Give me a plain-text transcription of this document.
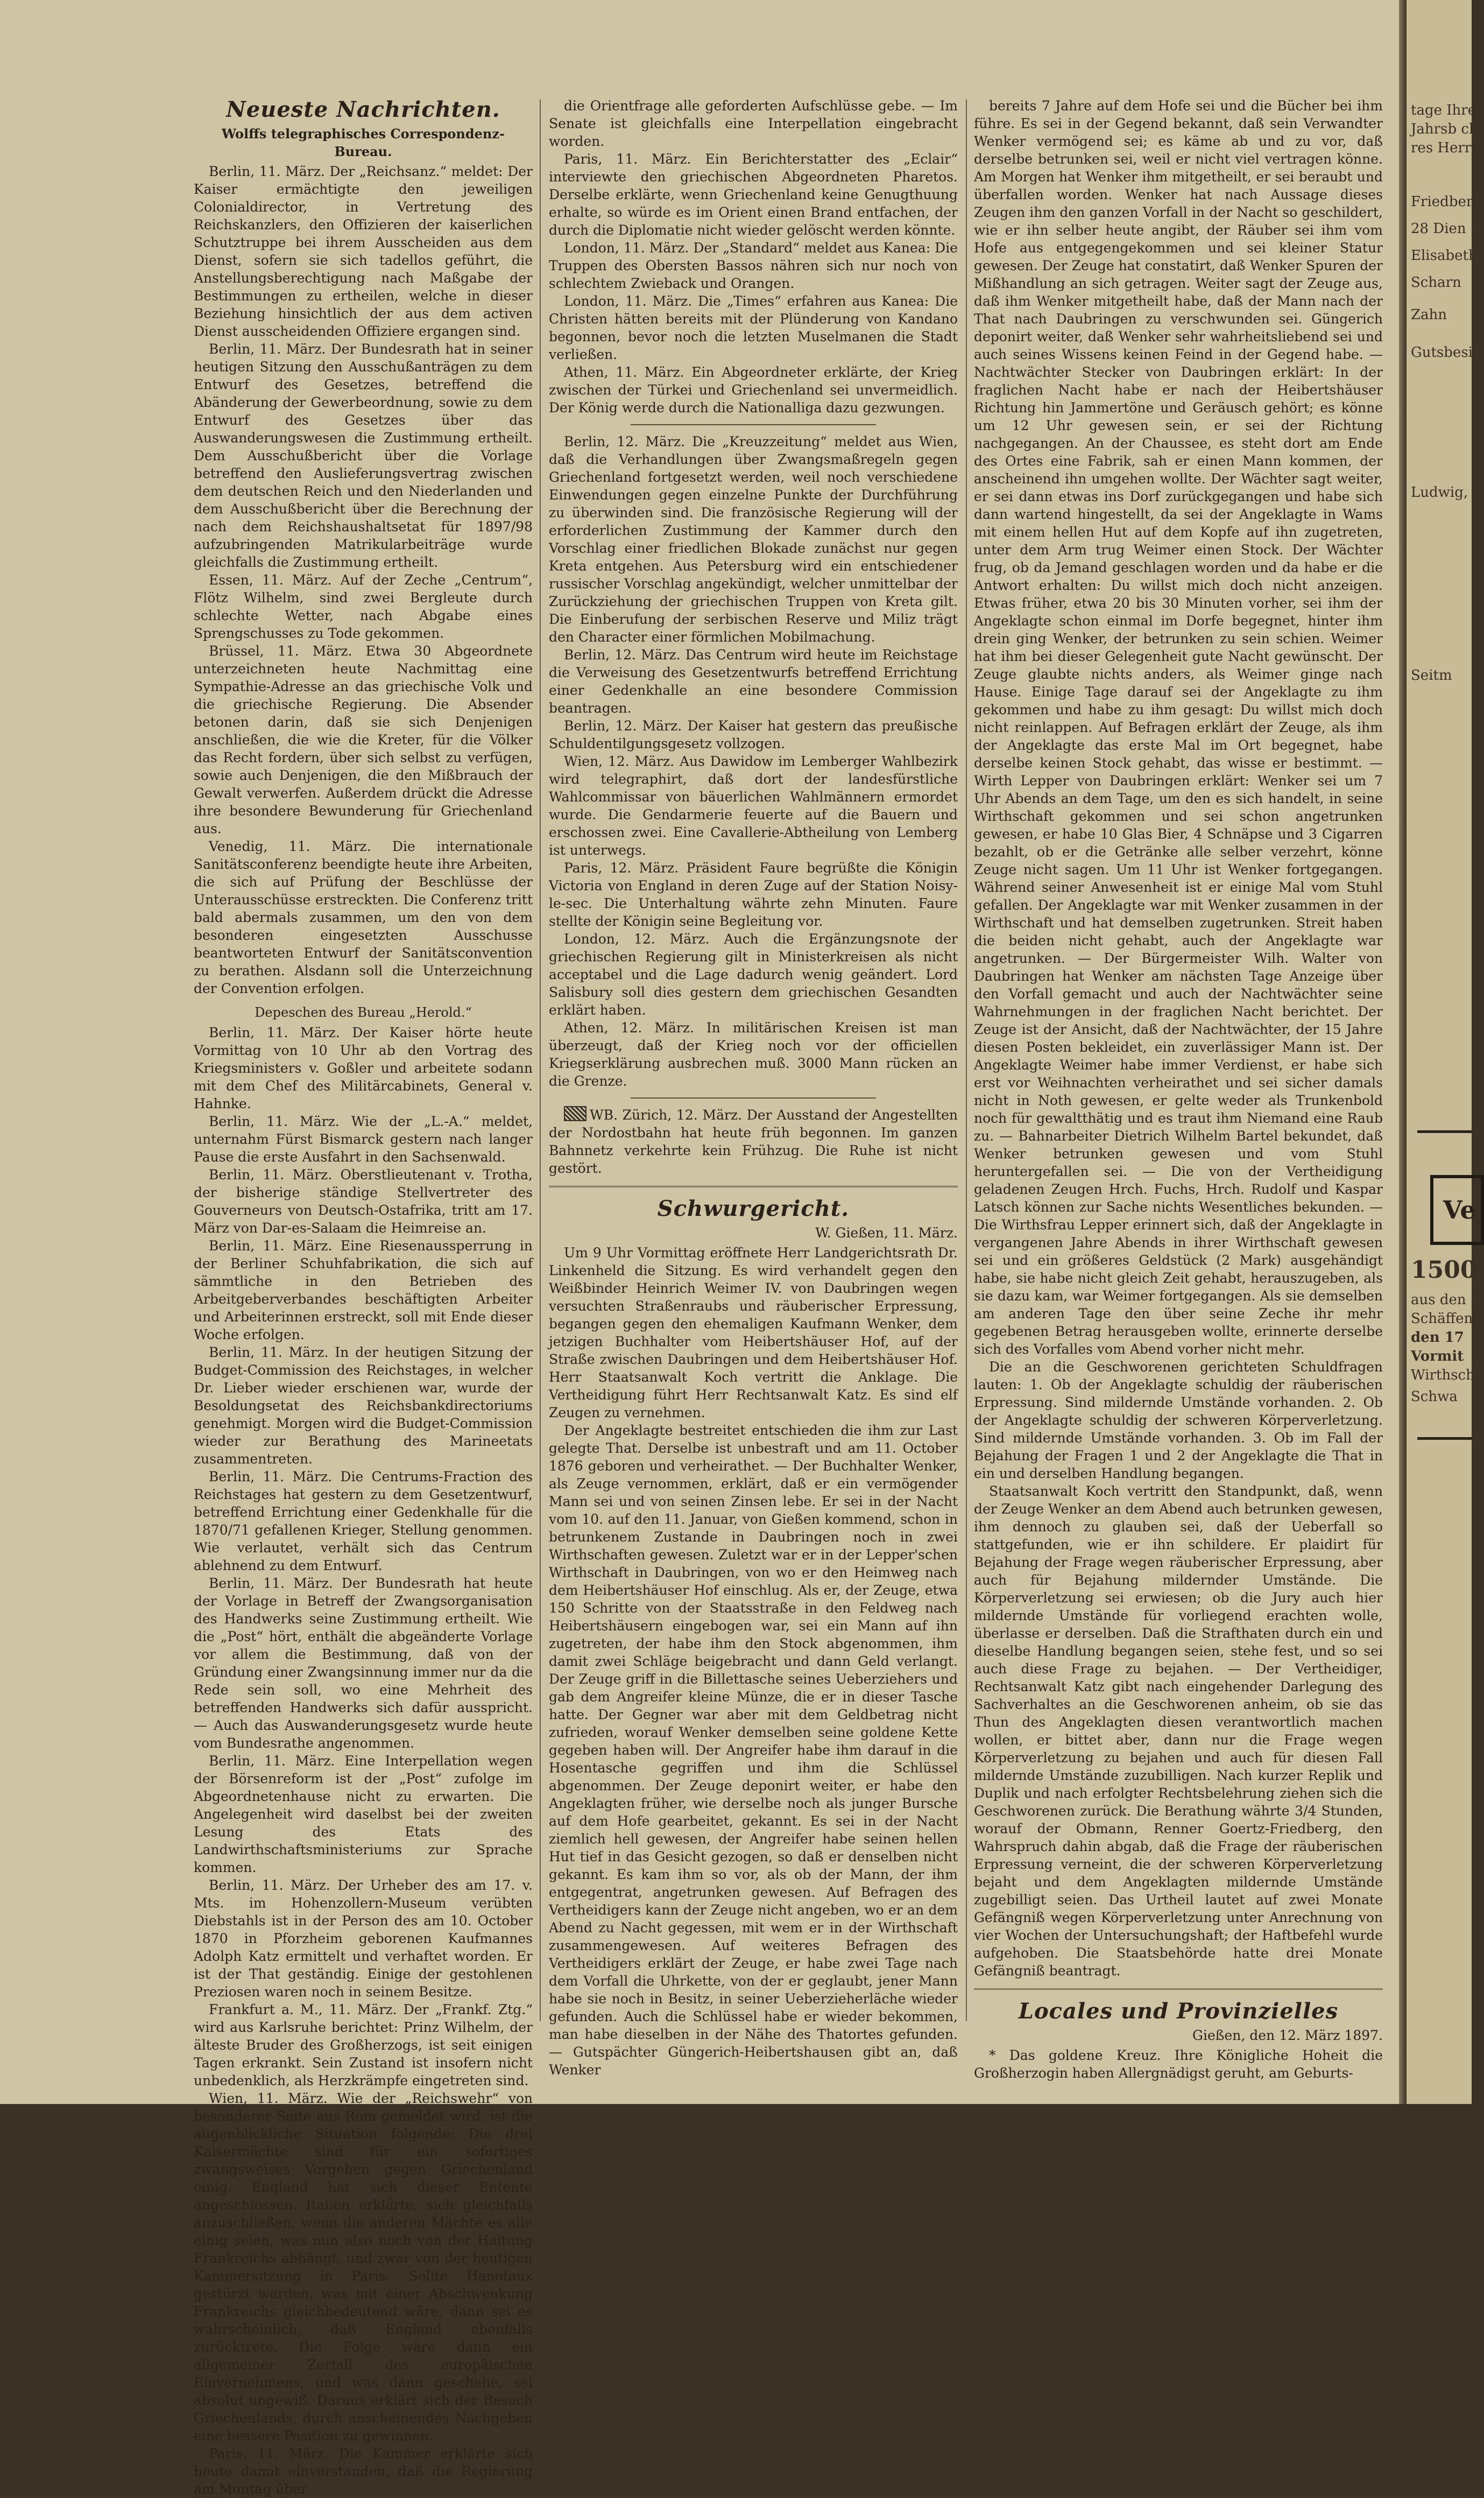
Neueste Nachrichten.
Wolffs telegraphisches Correspondenz-Bureau.

Berlin, 11. März. Der „Reichsanz.“ meldet: Der Kaiser ermächtigte den jeweiligen Colonialdirector, in Vertretung des Reichskanzlers, den Offizieren der kaiserlichen Schutztruppe bei ihrem Ausscheiden aus dem Dienst, sofern sie sich tadellos geführt, die Anstellungsberechtigung nach Maßgabe der Bestimmungen zu ertheilen, welche in dieser Beziehung hinsichtlich der aus dem activen Dienst ausscheidenden Offiziere ergangen sind.

Berlin, 11. März. Der Bundesrath hat in seiner heutigen Sitzung den Ausschußanträgen zu dem Entwurf des Gesetzes, betreffend die Abänderung der Gewerbeordnung, sowie zu dem Entwurf des Gesetzes über das Auswanderungswesen die Zustimmung ertheilt. Dem Ausschußbericht über die Vorlage betreffend den Auslieferungsvertrag zwischen dem deutschen Reich und den Niederlanden und dem Ausschußbericht über die Berechnung der nach dem Reichshaushaltsetat für 1897/98 aufzubringenden Matrikularbeiträge wurde gleichfalls die Zustimmung ertheilt.

Essen, 11. März. Auf der Zeche „Centrum“, Flötz Wilhelm, sind zwei Bergleute durch schlechte Wetter, nach Abgabe eines Sprengschusses zu Tode gekommen.

Brüssel, 11. März. Etwa 30 Abgeordnete unterzeichneten heute Nachmittag eine Sympathie-Adresse an das griechische Volk und die griechische Regierung. Die Absender betonen darin, daß sie sich Denjenigen anschließen, die wie die Kreter, für die Völker das Recht fordern, über sich selbst zu verfügen, sowie auch Denjenigen, die den Mißbrauch der Gewalt verwerfen. Außerdem drückt die Adresse ihre besondere Bewunderung für Griechenland aus.

Venedig, 11. März. Die internationale Sanitätsconferenz beendigte heute ihre Arbeiten, die sich auf Prüfung der Beschlüsse der Unterausschüsse erstreckten. Die Conferenz tritt bald abermals zusammen, um den von dem besonderen eingesetzten Ausschusse beantworteten Entwurf der Sanitätsconvention zu berathen. Alsdann soll die Unterzeichnung der Convention erfolgen.

Depeschen des Bureau „Herold.“

Berlin, 11. März. Der Kaiser hörte heute Vormittag von 10 Uhr ab den Vortrag des Kriegsministers v. Goßler und arbeitete sodann mit dem Chef des Militärcabinets, General v. Hahnke.

Berlin, 11. März. Wie der „L.-A.“ meldet, unternahm Fürst Bismarck gestern nach langer Pause die erste Ausfahrt in den Sachsenwald.

Berlin, 11. März. Oberstlieutenant v. Trotha, der bisherige ständige Stellvertreter des Gouverneurs von Deutsch-Ostafrika, tritt am 17. März von Dar-es-Salaam die Heimreise an.

Berlin, 11. März. Eine Riesenaussperrung in der Berliner Schuhfabrikation, die sich auf sämmtliche in den Betrieben des Arbeitgeberverbandes beschäftigten Arbeiter und Arbeiterinnen erstreckt, soll mit Ende dieser Woche erfolgen.

Berlin, 11. März. In der heutigen Sitzung der Budget-Commission des Reichstages, in welcher Dr. Lieber wieder erschienen war, wurde der Besoldungsetat des Reichsbankdirectoriums genehmigt. Morgen wird die Budget-Commission wieder zur Berathung des Marineetats zusammentreten.

Berlin, 11. März. Die Centrums-Fraction des Reichstages hat gestern zu dem Gesetzentwurf, betreffend Errichtung einer Gedenkhalle für die 1870/71 gefallenen Krieger, Stellung genommen. Wie verlautet, verhält sich das Centrum ablehnend zu dem Entwurf.

Berlin, 11. März. Der Bundesrath hat heute der Vorlage in Betreff der Zwangsorganisation des Handwerks seine Zustimmung ertheilt. Wie die „Post“ hört, enthält die abgeänderte Vorlage vor allem die Bestimmung, daß von der Gründung einer Zwangsinnung immer nur da die Rede sein soll, wo eine Mehrheit des betreffenden Handwerks sich dafür ausspricht. — Auch das Auswanderungsgesetz wurde heute vom Bundesrathe angenommen.

Berlin, 11. März. Eine Interpellation wegen der Börsenreform ist der „Post“ zufolge im Abgeordnetenhause nicht zu erwarten. Die Angelegenheit wird daselbst bei der zweiten Lesung des Etats des Landwirthschaftsministeriums zur Sprache kommen.

Berlin, 11. März. Der Urheber des am 17. v. Mts. im Hohenzollern-Museum verübten Diebstahls ist in der Person des am 10. October 1870 in Pforzheim geborenen Kaufmannes Adolph Katz ermittelt und verhaftet worden. Er ist der That geständig. Einige der gestohlenen Preziosen waren noch in seinem Besitze.

Frankfurt a. M., 11. März. Der „Frankf. Ztg.“ wird aus Karlsruhe berichtet: Prinz Wilhelm, der älteste Bruder des Großherzogs, ist seit einigen Tagen erkrankt. Sein Zustand ist insofern nicht unbedenklich, als Herzkrämpfe eingetreten sind.

Wien, 11. März. Wie der „Reichswehr“ von besonderer Seite aus Rom gemeldet wird, ist die augenblickliche Situation folgende: Die drei Kaisermächte sind für ein sofortiges zwangsweises Vorgehen gegen Griechenland einig. England hat sich dieser Entente angeschlossen. Italien erklärte, sich gleichfalls anzuschließen, wenn die anderen Mächte es alle einig seien, was nun also noch von der Haltung Frankreichs abhängt, und zwar von der heutigen Kammersitzung in Paris. Sollte Hanotaux gestürzt werden, was mit einer Abschwenkung Frankreichs gleichbedeutend wäre, dann sei es wahrscheinlich, daß England ebenfalls zurücktrete. Die Folge wäre dann ein allgemeiner Zerfall des europäischen Einvernehmens, und was dann geschehe, sei absolut ungewiß. Daraus erklärt sich der Besuch Griechenlands, durch anscheinendes Nachgeben eine bessere Position zu gewinnen.

Paris, 11. März. Die Kammer erklärte sich heute damit einverstanden, daß die Regierung am Montag über

die Orientfrage alle geforderten Aufschlüsse gebe. — Im Senate ist gleichfalls eine Interpellation eingebracht worden.

Paris, 11. März. Ein Berichterstatter des „Eclair“ interviewte den griechischen Abgeordneten Pharetos. Derselbe erklärte, wenn Griechenland keine Genugthuung erhalte, so würde es im Orient einen Brand entfachen, der durch die Diplomatie nicht wieder gelöscht werden könnte.

London, 11. März. Der „Standard“ meldet aus Kanea: Die Truppen des Obersten Bassos nähren sich nur noch von schlechtem Zwieback und Orangen.

London, 11. März. Die „Times“ erfahren aus Kanea: Die Christen hätten bereits mit der Plünderung von Kandano begonnen, bevor noch die letzten Muselmanen die Stadt verließen.

Athen, 11. März. Ein Abgeordneter erklärte, der Krieg zwischen der Türkei und Griechenland sei unvermeidlich. Der König werde durch die Nationalliga dazu gezwungen.

Berlin, 12. März. Die „Kreuzzeitung“ meldet aus Wien, daß die Verhandlungen über Zwangsmaßregeln gegen Griechenland fortgesetzt werden, weil noch verschiedene Einwendungen gegen einzelne Punkte der Durchführung zu überwinden sind. Die französische Regierung will der erforderlichen Zustimmung der Kammer durch den Vorschlag einer friedlichen Blokade zunächst nur gegen Kreta entgehen. Aus Petersburg wird ein entschiedener russischer Vorschlag angekündigt, welcher unmittelbar der Zurückziehung der griechischen Truppen von Kreta gilt. Die Einberufung der serbischen Reserve und Miliz trägt den Character einer förmlichen Mobilmachung.

Berlin, 12. März. Das Centrum wird heute im Reichstage die Verweisung des Gesetzentwurfs betreffend Errichtung einer Gedenkhalle an eine besondere Commission beantragen.

Berlin, 12. März. Der Kaiser hat gestern das preußische Schuldentilgungsgesetz vollzogen.

Wien, 12. März. Aus Dawidow im Lemberger Wahlbezirk wird telegraphirt, daß dort der landesfürstliche Wahlcommissar von bäuerlichen Wahlmännern ermordet wurde. Die Gendarmerie feuerte auf die Bauern und erschossen zwei. Eine Cavallerie-Abtheilung von Lemberg ist unterwegs.

Paris, 12. März. Präsident Faure begrüßte die Königin Victoria von England in deren Zuge auf der Station Noisy-le-sec. Die Unterhaltung währte zehn Minuten. Faure stellte der Königin seine Begleitung vor.

London, 12. März. Auch die Ergänzungsnote der griechischen Regierung gilt in Ministerkreisen als nicht acceptabel und die Lage dadurch wenig geändert. Lord Salisbury soll dies gestern dem griechischen Gesandten erklärt haben.

Athen, 12. März. In militärischen Kreisen ist man überzeugt, daß der Krieg noch vor der officiellen Kriegserklärung ausbrechen muß. 3000 Mann rücken an die Grenze.

WB. Zürich, 12. März. Der Ausstand der Angestellten der Nordostbahn hat heute früh begonnen. Im ganzen Bahnnetz verkehrte kein Frühzug. Die Ruhe ist nicht gestört.

Schwurgericht.
W. Gießen, 11. März.

Um 9 Uhr Vormittag eröffnete Herr Landgerichtsrath Dr. Linkenheld die Sitzung. Es wird verhandelt gegen den Weißbinder Heinrich Weimer IV. von Daubringen wegen versuchten Straßenraubs und räuberischer Erpressung, begangen gegen den ehemaligen Kaufmann Wenker, dem jetzigen Buchhalter vom Heibertshäuser Hof, auf der Straße zwischen Daubringen und dem Heibertshäuser Hof. Herr Staatsanwalt Koch vertritt die Anklage. Die Vertheidigung führt Herr Rechtsanwalt Katz. Es sind elf Zeugen zu vernehmen.

Der Angeklagte bestreitet entschieden die ihm zur Last gelegte That. Derselbe ist unbestraft und am 11. October 1876 geboren und verheirathet. — Der Buchhalter Wenker, als Zeuge vernommen, erklärt, daß er ein vermögender Mann sei und von seinen Zinsen lebe. Er sei in der Nacht vom 10. auf den 11. Januar, von Gießen kommend, schon in betrunkenem Zustande in Daubringen noch in zwei Wirthschaften gewesen. Zuletzt war er in der Lepper'schen Wirthschaft in Daubringen, von wo er den Heimweg nach dem Heibertshäuser Hof einschlug. Als er, der Zeuge, etwa 150 Schritte von der Staatsstraße in den Feldweg nach Heibertshäusern eingebogen war, sei ein Mann auf ihn zugetreten, der habe ihm den Stock abgenommen, ihm damit zwei Schläge beigebracht und dann Geld verlangt. Der Zeuge griff in die Billettasche seines Ueberziehers und gab dem Angreifer kleine Münze, die er in dieser Tasche hatte. Der Gegner war aber mit dem Geldbetrag nicht zufrieden, worauf Wenker demselben seine goldene Kette gegeben haben will. Der Angreifer habe ihm darauf in die Hosentasche gegriffen und ihm die Schlüssel abgenommen. Der Zeuge deponirt weiter, er habe den Angeklagten früher, wie derselbe noch als junger Bursche auf dem Hofe gearbeitet, gekannt. Es sei in der Nacht ziemlich hell gewesen, der Angreifer habe seinen hellen Hut tief in das Gesicht gezogen, so daß er denselben nicht gekannt. Es kam ihm so vor, als ob der Mann, der ihm entgegentrat, angetrunken gewesen. Auf Befragen des Vertheidigers kann der Zeuge nicht angeben, wo er an dem Abend zu Nacht gegessen, mit wem er in der Wirthschaft zusammengewesen. Auf weiteres Befragen des Vertheidigers erklärt der Zeuge, er habe zwei Tage nach dem Vorfall die Uhrkette, von der er geglaubt, jener Mann habe sie noch in Besitz, in seiner Ueberzieherläche wieder gefunden. Auch die Schlüssel habe er wieder bekommen, man habe dieselben in der Nähe des Thatortes gefunden. — Gutspächter Güngerich-Heibertshausen gibt an, daß Wenker

bereits 7 Jahre auf dem Hofe sei und die Bücher bei ihm führe. Es sei in der Gegend bekannt, daß sein Verwandter Wenker vermögend sei; es käme ab und zu vor, daß derselbe betrunken sei, weil er nicht viel vertragen könne. Am Morgen hat Wenker ihm mitgetheilt, er sei beraubt und überfallen worden. Wenker hat nach Aussage dieses Zeugen ihm den ganzen Vorfall in der Nacht so geschildert, wie er ihn selber heute angibt, der Räuber sei ihm vom Hofe aus entgegengekommen und sei kleiner Statur gewesen. Der Zeuge hat constatirt, daß Wenker Spuren der Mißhandlung an sich getragen. Weiter sagt der Zeuge aus, daß ihm Wenker mitgetheilt habe, daß der Mann nach der That nach Daubringen zu verschwunden sei. Güngerich deponirt weiter, daß Wenker sehr wahrheitsliebend sei und auch seines Wissens keinen Feind in der Gegend habe. — Nachtwächter Stecker von Daubringen erklärt: In der fraglichen Nacht habe er nach der Heibertshäuser Richtung hin Jammertöne und Geräusch gehört; es könne um 12 Uhr gewesen sein, er sei der Richtung nachgegangen. An der Chaussee, es steht dort am Ende des Ortes eine Fabrik, sah er einen Mann kommen, der anscheinend ihn umgehen wollte. Der Wächter sagt weiter, er sei dann etwas ins Dorf zurückgegangen und habe sich dann wartend hingestellt, da sei der Angeklagte in Wams mit einem hellen Hut auf dem Kopfe auf ihn zugetreten, unter dem Arm trug Weimer einen Stock. Der Wächter frug, ob da Jemand geschlagen worden und da habe er die Antwort erhalten: Du willst mich doch nicht anzeigen. Etwas früher, etwa 20 bis 30 Minuten vorher, sei ihm der Angeklagte schon einmal im Dorfe begegnet, hinter ihm drein ging Wenker, der betrunken zu sein schien. Weimer hat ihm bei dieser Gelegenheit gute Nacht gewünscht. Der Zeuge glaubte nichts anders, als Weimer ginge nach Hause. Einige Tage darauf sei der Angeklagte zu ihm gekommen und habe zu ihm gesagt: Du willst mich doch nicht reinlappen. Auf Befragen erklärt der Zeuge, als ihm der Angeklagte das erste Mal im Ort begegnet, habe derselbe keinen Stock gehabt, das wisse er bestimmt. — Wirth Lepper von Daubringen erklärt: Wenker sei um 7 Uhr Abends an dem Tage, um den es sich handelt, in seine Wirthschaft gekommen und sei schon angetrunken gewesen, er habe 10 Glas Bier, 4 Schnäpse und 3 Cigarren bezahlt, ob er die Getränke alle selber verzehrt, könne Zeuge nicht sagen. Um 11 Uhr ist Wenker fortgegangen. Während seiner Anwesenheit ist er einige Mal vom Stuhl gefallen. Der Angeklagte war mit Wenker zusammen in der Wirthschaft und hat demselben zugetrunken. Streit haben die beiden nicht gehabt, auch der Angeklagte war angetrunken. — Der Bürgermeister Wilh. Walter von Daubringen hat Wenker am nächsten Tage Anzeige über den Vorfall gemacht und auch der Nachtwächter seine Wahrnehmungen in der fraglichen Nacht berichtet. Der Zeuge ist der Ansicht, daß der Nachtwächter, der 15 Jahre diesen Posten bekleidet, ein zuverlässiger Mann ist. Der Angeklagte Weimer habe immer Verdienst, er habe sich erst vor Weihnachten verheirathet und sei sicher damals nicht in Noth gewesen, er gelte weder als Trunkenbold noch für gewaltthätig und es traut ihm Niemand eine Raub zu. — Bahnarbeiter Dietrich Wilhelm Bartel bekundet, daß Wenker betrunken gewesen und vom Stuhl heruntergefallen sei. — Die von der Vertheidigung geladenen Zeugen Hrch. Fuchs, Hrch. Rudolf und Kaspar Latsch können zur Sache nichts Wesentliches bekunden. — Die Wirthsfrau Lepper erinnert sich, daß der Angeklagte in vergangenen Jahre Abends in ihrer Wirthschaft gewesen sei und ein größeres Geldstück (2 Mark) ausgehändigt habe, sie habe nicht gleich Zeit gehabt, herauszugeben, als sie dazu kam, war Weimer fortgegangen. Als sie demselben am anderen Tage den über seine Zeche ihr mehr gegebenen Betrag herausgeben wollte, erinnerte derselbe sich des Vorfalles vom Abend vorher nicht mehr.

Die an die Geschworenen gerichteten Schuldfragen lauten: 1. Ob der Angeklagte schuldig der räuberischen Erpressung. Sind mildernde Umstände vorhanden. 2. Ob der Angeklagte schuldig der schweren Körperverletzung. Sind mildernde Umstände vorhanden. 3. Ob im Fall der Bejahung der Fragen 1 und 2 der Angeklagte die That in ein und derselben Handlung begangen.

Staatsanwalt Koch vertritt den Standpunkt, daß, wenn der Zeuge Wenker an dem Abend auch betrunken gewesen, ihm dennoch zu glauben sei, daß der Ueberfall so stattgefunden, wie er ihn schildere. Er plaidirt für Bejahung der Frage wegen räuberischer Erpressung, aber auch für Bejahung mildernder Umstände. Die Körperverletzung sei erwiesen; ob die Jury auch hier mildernde Umstände für vorliegend erachten wolle, überlasse er derselben. Daß die Strafthaten durch ein und dieselbe Handlung begangen seien, stehe fest, und so sei auch diese Frage zu bejahen. — Der Vertheidiger, Rechtsanwalt Katz gibt nach eingehender Darlegung des Sachverhaltes an die Geschworenen anheim, ob sie das Thun des Angeklagten diesen verantwortlich machen wollen, er bittet aber, dann nur die Frage wegen Körperverletzung zu bejahen und auch für diesen Fall mildernde Umstände zuzubilligen. Nach kurzer Replik und Duplik und nach erfolgter Rechtsbelehrung ziehen sich die Geschworenen zurück. Die Berathung währte 3/4 Stunden, worauf der Obmann, Renner Goertz-Friedberg, den Wahrspruch dahin abgab, daß die Frage der räuberischen Erpressung verneint, die der schweren Körperverletzung bejaht und dem Angeklagten mildernde Umstände zugebilligt seien. Das Urtheil lautet auf zwei Monate Gefängniß wegen Körperverletzung unter Anrechnung von vier Wochen der Untersuchungshaft; der Haftbefehl wurde aufgehoben. Die Staatsbehörde hatte drei Monate Gefängniß beantragt.

Locales und Provinzielles
Gießen, den 12. März 1897.

* Das goldene Kreuz. Ihre Königliche Hoheit die Großherzogin haben Allergnädigst geruht, am Geburts-

tage Ihres
Jahrsb ch
res Herrn
Friedberg
28 Dien
Elisabeth
Scharn
Zahn
Gutsbesi
Ludwig,
Seitm
Ve
1500
aus den
Schäffens
den 17
Vormit
Wirthsch
Schwa
